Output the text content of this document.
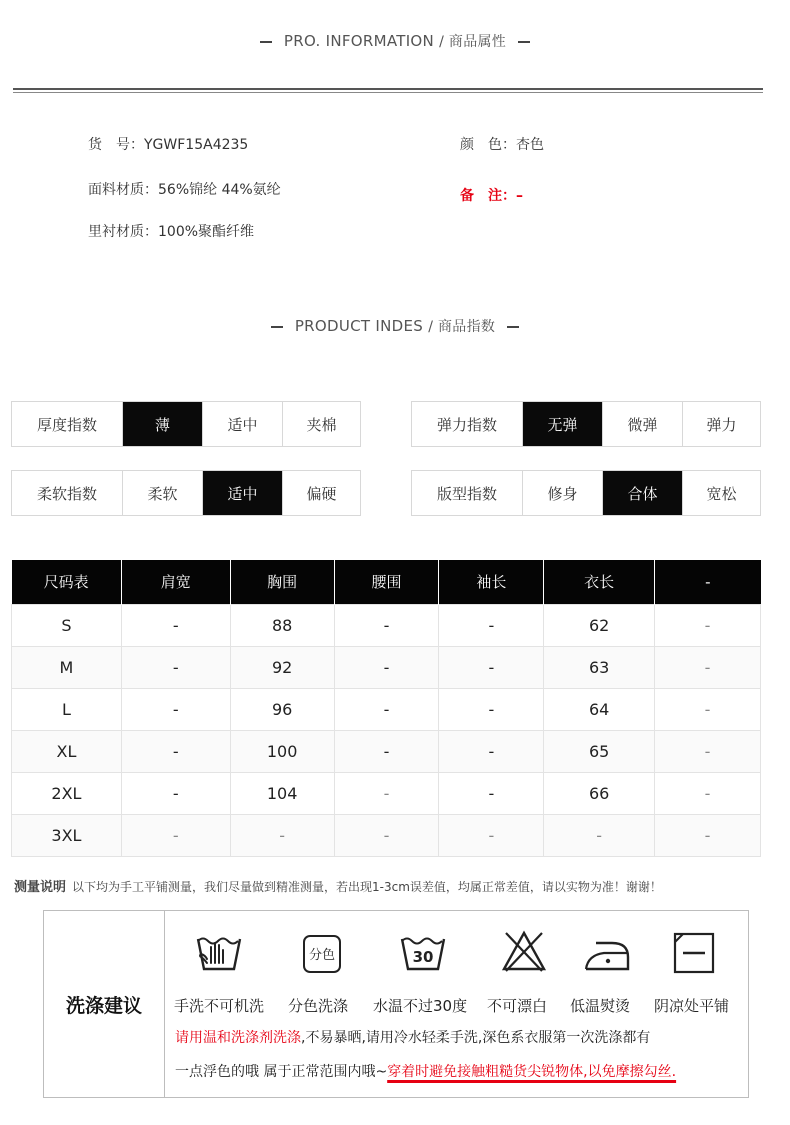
PRO. INFORMATION / 商品属性
货　号：YGWF15A4235
面料材质：56%锦纶 44%氨纶
里衬材质：100%聚酯纤维
颜　色：杏色
备　注：–
PRODUCT INDES / 商品指数
厚度指数	薄	适中	夹棉	弹力指数	无弹	微弹	弹力
柔软指数	柔软	适中	偏硬	版型指数	修身	合体	宽松
尺码表	肩宽	胸围	腰围	袖长	衣长	-
S	-	88	-	-	62	-
M	-	92	-	-	63	-
L	-	96	-	-	64	-
XL	-	100	-	-	65	-
2XL	-	104	-	-	66	-
3XL	-	-	-	-	-	-
测量说明 以下均为手工平铺测量，我们尽量做到精准测量，若出现1-3cm误差值，均属正常差值，请以实物为准！谢谢！
洗涤建议 手洗不可机洗
分色
分色洗涤
30
水温不过30度 不可漂白 低温熨烫 阴凉处平铺
请用温和洗涤剂洗涤,不易暴晒,请用冷水轻柔手洗,深色系衣服第一次洗涤都有
一点浮色的哦 属于正常范围内哦~穿着时避免接触粗糙货尖锐物体,以免摩擦勾丝.
